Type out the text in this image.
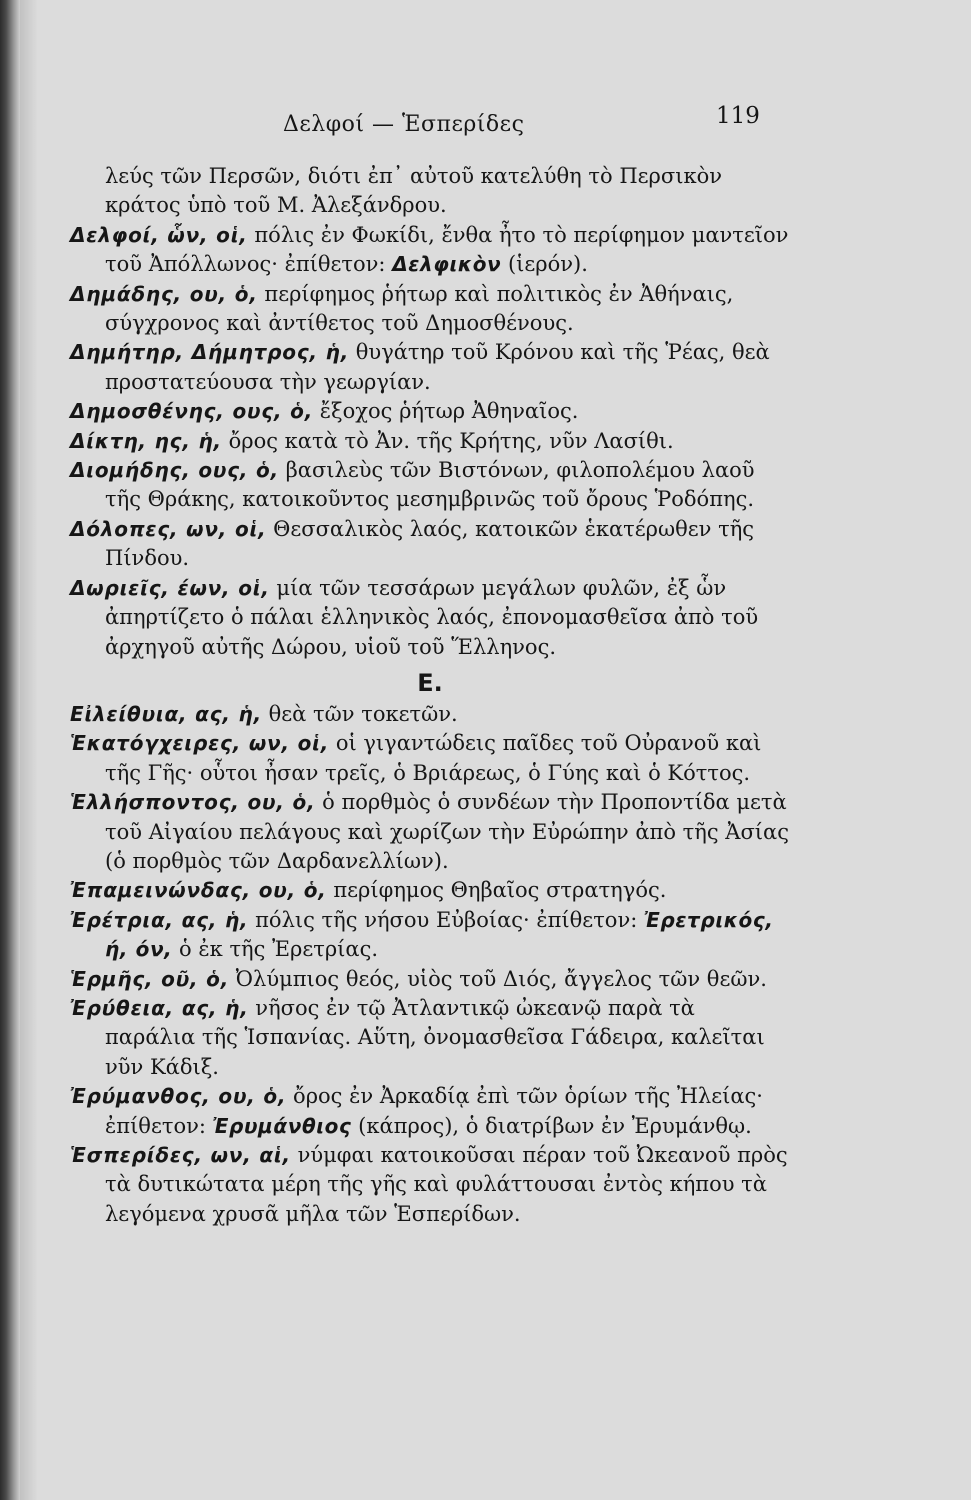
Δελφοί — Ἑσπερίδες	119
λεύς τῶν Περσῶν, διότι ἐπ᾽ αὐτοῦ κατελύθη τὸ Περσικὸν κράτος ὑπὸ τοῦ Μ. Ἀλεξάνδρου.
Δελφοί, ὧν, οἱ, πόλις ἐν Φωκίδι, ἔνθα ἦτο τὸ περίφημον μαντεῖον τοῦ Ἀπόλλωνος· ἐπίθετον: Δελφικὸν (ἱερόν).
Δημάδης, ου, ὁ, περίφημος ῥήτωρ καὶ πολιτικὸς ἐν Ἀθήναις, σύγχρονος καὶ ἀντίθετος τοῦ Δημοσθένους.
Δημήτηρ, Δήμητρος, ἡ, θυγάτηρ τοῦ Κρόνου καὶ τῆς Ῥέας, θεὰ προστατεύουσα τὴν γεωργίαν.
Δημοσθένης, ους, ὁ, ἔξοχος ῥήτωρ Ἀθηναῖος.
Δίκτη, ης, ἡ, ὄρος κατὰ τὸ Ἀν. τῆς Κρήτης, νῦν Λασίθι.
Διομήδης, ους, ὁ, βασιλεὺς τῶν Βιστόνων, φιλοπολέμου λαοῦ τῆς Θράκης, κατοικοῦντος μεσημβρινῶς τοῦ ὄρους Ῥοδόπης.
Δόλοπες, ων, οἱ, Θεσσαλικὸς λαός, κατοικῶν ἑκατέρωθεν τῆς Πίνδου.
Δωριεῖς, έων, οἱ, μία τῶν τεσσάρων μεγάλων φυλῶν, ἐξ ὧν ἀπηρτίζετο ὁ πάλαι ἑλληνικὸς λαός, ἐπονομασθεῖσα ἀπὸ τοῦ ἀρχηγοῦ αὐτῆς Δώρου, υἱοῦ τοῦ Ἕλληνος.
E.
Εἰλείθυια, ας, ἡ, θεὰ τῶν τοκετῶν.
Ἑκατόγχειρες, ων, οἱ, οἱ γιγαντώδεις παῖδες τοῦ Οὐρανοῦ καὶ τῆς Γῆς· οὗτοι ἦσαν τρεῖς, ὁ Βριάρεως, ὁ Γύης καὶ ὁ Κόττος.
Ἑλλήσποντος, ου, ὁ, ὁ πορθμὸς ὁ συνδέων τὴν Προποντίδα μετὰ τοῦ Αἰγαίου πελάγους καὶ χωρίζων τὴν Εὐρώπην ἀπὸ τῆς Ἀσίας (ὁ πορθμὸς τῶν Δαρδανελλίων).
Ἐπαμεινώνδας, ου, ὁ, περίφημος Θηβαῖος στρατηγός.
Ἐρέτρια, ας, ἡ, πόλις τῆς νήσου Εὐβοίας· ἐπίθετον: Ἐρετρικός, ή, όν, ὁ ἐκ τῆς Ἐρετρίας.
Ἑρμῆς, οῦ, ὁ, Ὀλύμπιος θεός, υἱὸς τοῦ Διός, ἄγγελος τῶν θεῶν.
Ἐρύθεια, ας, ἡ, νῆσος ἐν τῷ Ἀτλαντικῷ ὠκεανῷ παρὰ τὰ παράλια τῆς Ἱσπανίας. Αὕτη, ὀνομασθεῖσα Γάδειρα, καλεῖται νῦν Κάδιξ.
Ἐρύμανθος, ου, ὁ, ὄρος ἐν Ἀρκαδίᾳ ἐπὶ τῶν ὁρίων τῆς Ἠλείας· ἐπίθετον: Ἐρυμάνθιος (κάπρος), ὁ διατρίβων ἐν Ἐρυμάνθῳ.
Ἑσπερίδες, ων, αἱ, νύμφαι κατοικοῦσαι πέραν τοῦ Ὠκεανοῦ πρὸς τὰ δυτικώτατα μέρη τῆς γῆς καὶ φυλάττουσαι ἐντὸς κήπου τὰ λεγόμενα χρυσᾶ μῆλα τῶν Ἑσπερίδων.
